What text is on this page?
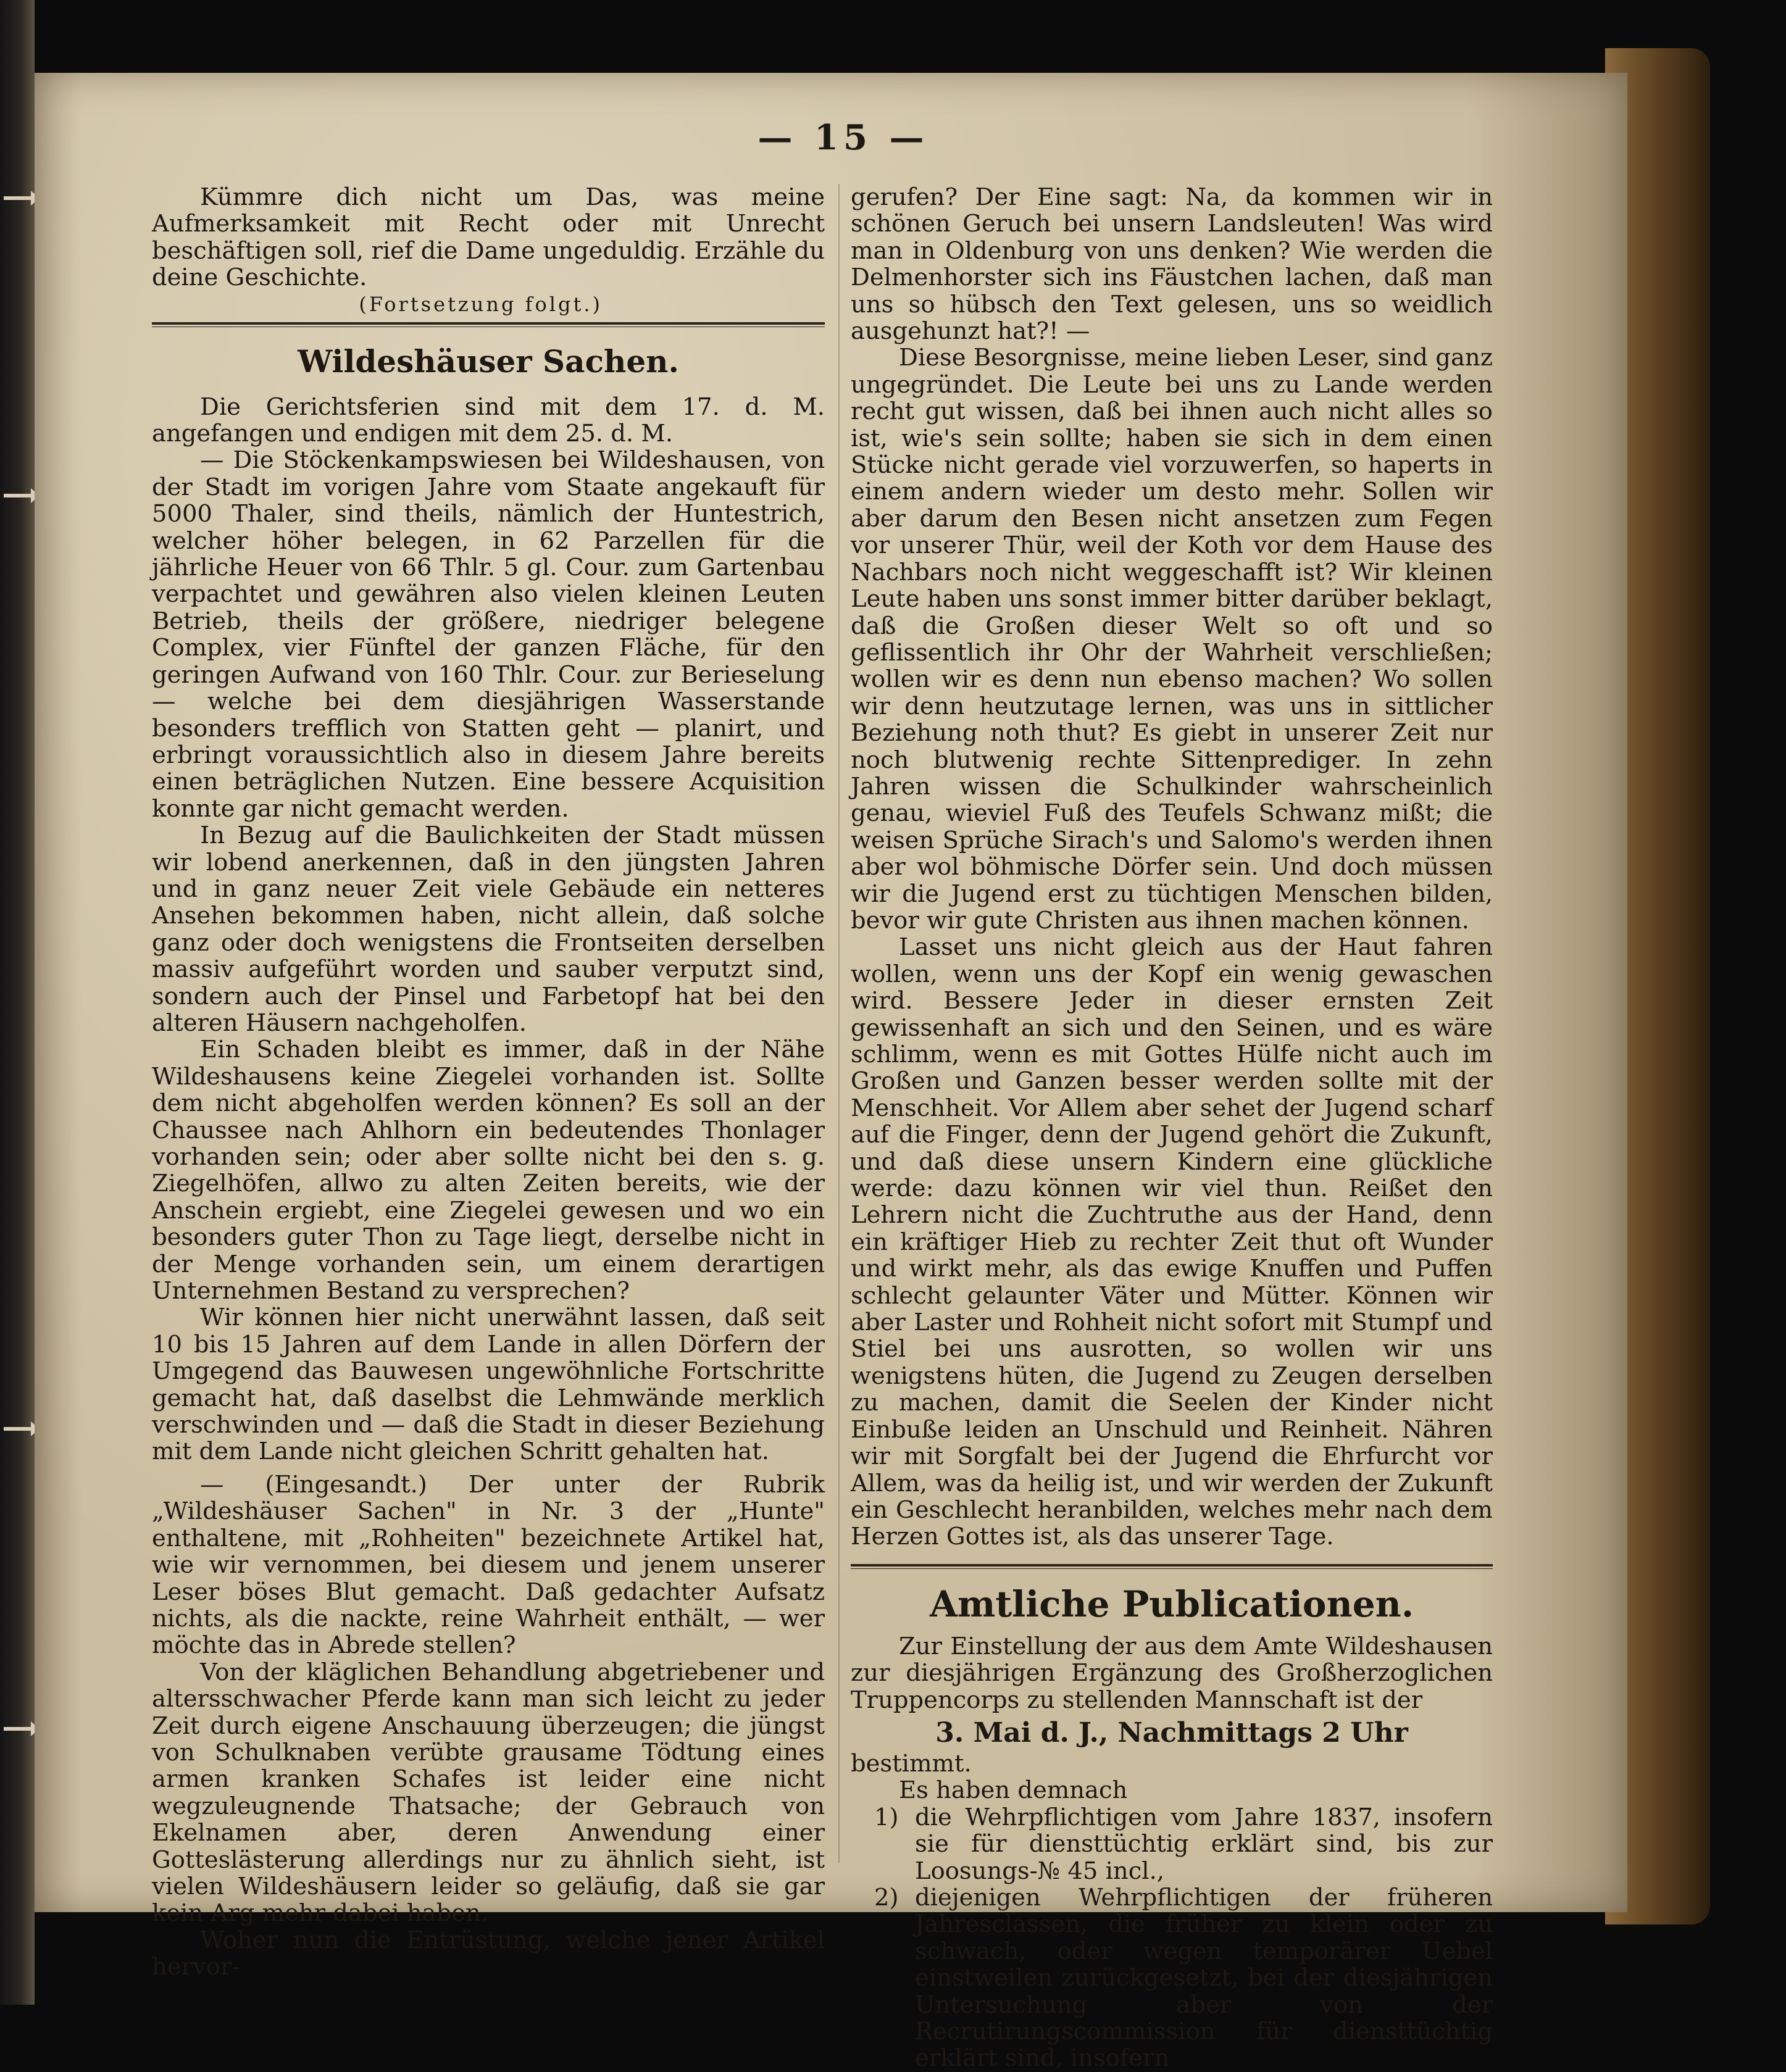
— 15 —

Kümmre dich nicht um Das, was meine Aufmerksamkeit mit Recht oder mit Unrecht beschäftigen soll, rief die Dame ungeduldig. Erzähle du deine Geschichte.

(Fortsetzung folgt.)

Wildeshäuser Sachen.

Die Gerichtsferien sind mit dem 17. d. M. angefangen und endigen mit dem 25. d. M.

— Die Stöckenkampswiesen bei Wildeshausen, von der Stadt im vorigen Jahre vom Staate angekauft für 5000 Thaler, sind theils, nämlich der Huntestrich, welcher höher belegen, in 62 Parzellen für die jährliche Heuer von 66 Thlr. 5 gl. Cour. zum Gartenbau verpachtet und gewähren also vielen kleinen Leuten Betrieb, theils der größere, niedriger belegene Complex, vier Fünftel der ganzen Fläche, für den geringen Aufwand von 160 Thlr. Cour. zur Berieselung — welche bei dem diesjährigen Wasserstande besonders trefflich von Statten geht — planirt, und erbringt voraussichtlich also in diesem Jahre bereits einen beträglichen Nutzen. Eine bessere Acquisition konnte gar nicht gemacht werden.

In Bezug auf die Baulichkeiten der Stadt müssen wir lobend anerkennen, daß in den jüngsten Jahren und in ganz neuer Zeit viele Gebäude ein netteres Ansehen bekommen haben, nicht allein, daß solche ganz oder doch wenigstens die Frontseiten derselben massiv aufgeführt worden und sauber verputzt sind, sondern auch der Pinsel und Farbetopf hat bei den alteren Häusern nachgeholfen.

Ein Schaden bleibt es immer, daß in der Nähe Wildeshausens keine Ziegelei vorhanden ist. Sollte dem nicht abgeholfen werden können? Es soll an der Chaussee nach Ahlhorn ein bedeutendes Thonlager vorhanden sein; oder aber sollte nicht bei den s. g. Ziegelhöfen, allwo zu alten Zeiten bereits, wie der Anschein ergiebt, eine Ziegelei gewesen und wo ein besonders guter Thon zu Tage liegt, derselbe nicht in der Menge vorhanden sein, um einem derartigen Unternehmen Bestand zu versprechen?

Wir können hier nicht unerwähnt lassen, daß seit 10 bis 15 Jahren auf dem Lande in allen Dörfern der Umgegend das Bauwesen ungewöhnliche Fortschritte gemacht hat, daß daselbst die Lehmwände merklich verschwinden und — daß die Stadt in dieser Beziehung mit dem Lande nicht gleichen Schritt gehalten hat.

— (Eingesandt.) Der unter der Rubrik „Wildeshäuser Sachen" in Nr. 3 der „Hunte" enthaltene, mit „Rohheiten" bezeichnete Artikel hat, wie wir vernommen, bei diesem und jenem unserer Leser böses Blut gemacht. Daß gedachter Aufsatz nichts, als die nackte, reine Wahrheit enthält, — wer möchte das in Abrede stellen?

Von der kläglichen Behandlung abgetriebener und altersschwacher Pferde kann man sich leicht zu jeder Zeit durch eigene Anschauung überzeugen; die jüngst von Schulknaben verübte grausame Tödtung eines armen kranken Schafes ist leider eine nicht wegzuleugnende Thatsache; der Gebrauch von Ekelnamen aber, deren Anwendung einer Gotteslästerung allerdings nur zu ähnlich sieht, ist vielen Wildeshäusern leider so geläufig, daß sie gar kein Arg mehr dabei haben.

Woher nun die Entrüstung, welche jener Artikel hervor-

gerufen? Der Eine sagt: Na, da kommen wir in schönen Geruch bei unsern Landsleuten! Was wird man in Oldenburg von uns denken? Wie werden die Delmenhorster sich ins Fäustchen lachen, daß man uns so hübsch den Text gelesen, uns so weidlich ausgehunzt hat?! —

Diese Besorgnisse, meine lieben Leser, sind ganz ungegründet. Die Leute bei uns zu Lande werden recht gut wissen, daß bei ihnen auch nicht alles so ist, wie's sein sollte; haben sie sich in dem einen Stücke nicht gerade viel vorzuwerfen, so haperts in einem andern wieder um desto mehr. Sollen wir aber darum den Besen nicht ansetzen zum Fegen vor unserer Thür, weil der Koth vor dem Hause des Nachbars noch nicht weggeschafft ist? Wir kleinen Leute haben uns sonst immer bitter darüber beklagt, daß die Großen dieser Welt so oft und so geflissentlich ihr Ohr der Wahrheit verschließen; wollen wir es denn nun ebenso machen? Wo sollen wir denn heutzutage lernen, was uns in sittlicher Beziehung noth thut? Es giebt in unserer Zeit nur noch blutwenig rechte Sittenprediger. In zehn Jahren wissen die Schulkinder wahrscheinlich genau, wieviel Fuß des Teufels Schwanz mißt; die weisen Sprüche Sirach's und Salomo's werden ihnen aber wol böhmische Dörfer sein. Und doch müssen wir die Jugend erst zu tüchtigen Menschen bilden, bevor wir gute Christen aus ihnen machen können.

Lasset uns nicht gleich aus der Haut fahren wollen, wenn uns der Kopf ein wenig gewaschen wird. Bessere Jeder in dieser ernsten Zeit gewissenhaft an sich und den Seinen, und es wäre schlimm, wenn es mit Gottes Hülfe nicht auch im Großen und Ganzen besser werden sollte mit der Menschheit. Vor Allem aber sehet der Jugend scharf auf die Finger, denn der Jugend gehört die Zukunft, und daß diese unsern Kindern eine glückliche werde: dazu können wir viel thun. Reißet den Lehrern nicht die Zuchtruthe aus der Hand, denn ein kräftiger Hieb zu rechter Zeit thut oft Wunder und wirkt mehr, als das ewige Knuffen und Puffen schlecht gelaunter Väter und Mütter. Können wir aber Laster und Rohheit nicht sofort mit Stumpf und Stiel bei uns ausrotten, so wollen wir uns wenigstens hüten, die Jugend zu Zeugen derselben zu machen, damit die Seelen der Kinder nicht Einbuße leiden an Unschuld und Reinheit. Nähren wir mit Sorgfalt bei der Jugend die Ehrfurcht vor Allem, was da heilig ist, und wir werden der Zukunft ein Geschlecht heranbilden, welches mehr nach dem Herzen Gottes ist, als das unserer Tage.

Amtliche Publicationen.

Zur Einstellung der aus dem Amte Wildeshausen zur diesjährigen Ergänzung des Großherzoglichen Truppencorps zu stellenden Mannschaft ist der

3. Mai d. J., Nachmittags 2 Uhr

bestimmt.

Es haben demnach

1) die Wehrpflichtigen vom Jahre 1837, insofern sie für diensttüchtig erklärt sind, bis zur Loosungs-№ 45 incl.,
2) diejenigen Wehrpflichtigen der früheren Jahresclassen, die früher zu klein oder zu schwach, oder wegen temporärer Uebel einstweilen zurückgesetzt, bei der diesjährigen Untersuchung aber von der Recrutirungscommission für diensttüchtig erklärt sind, insofern
